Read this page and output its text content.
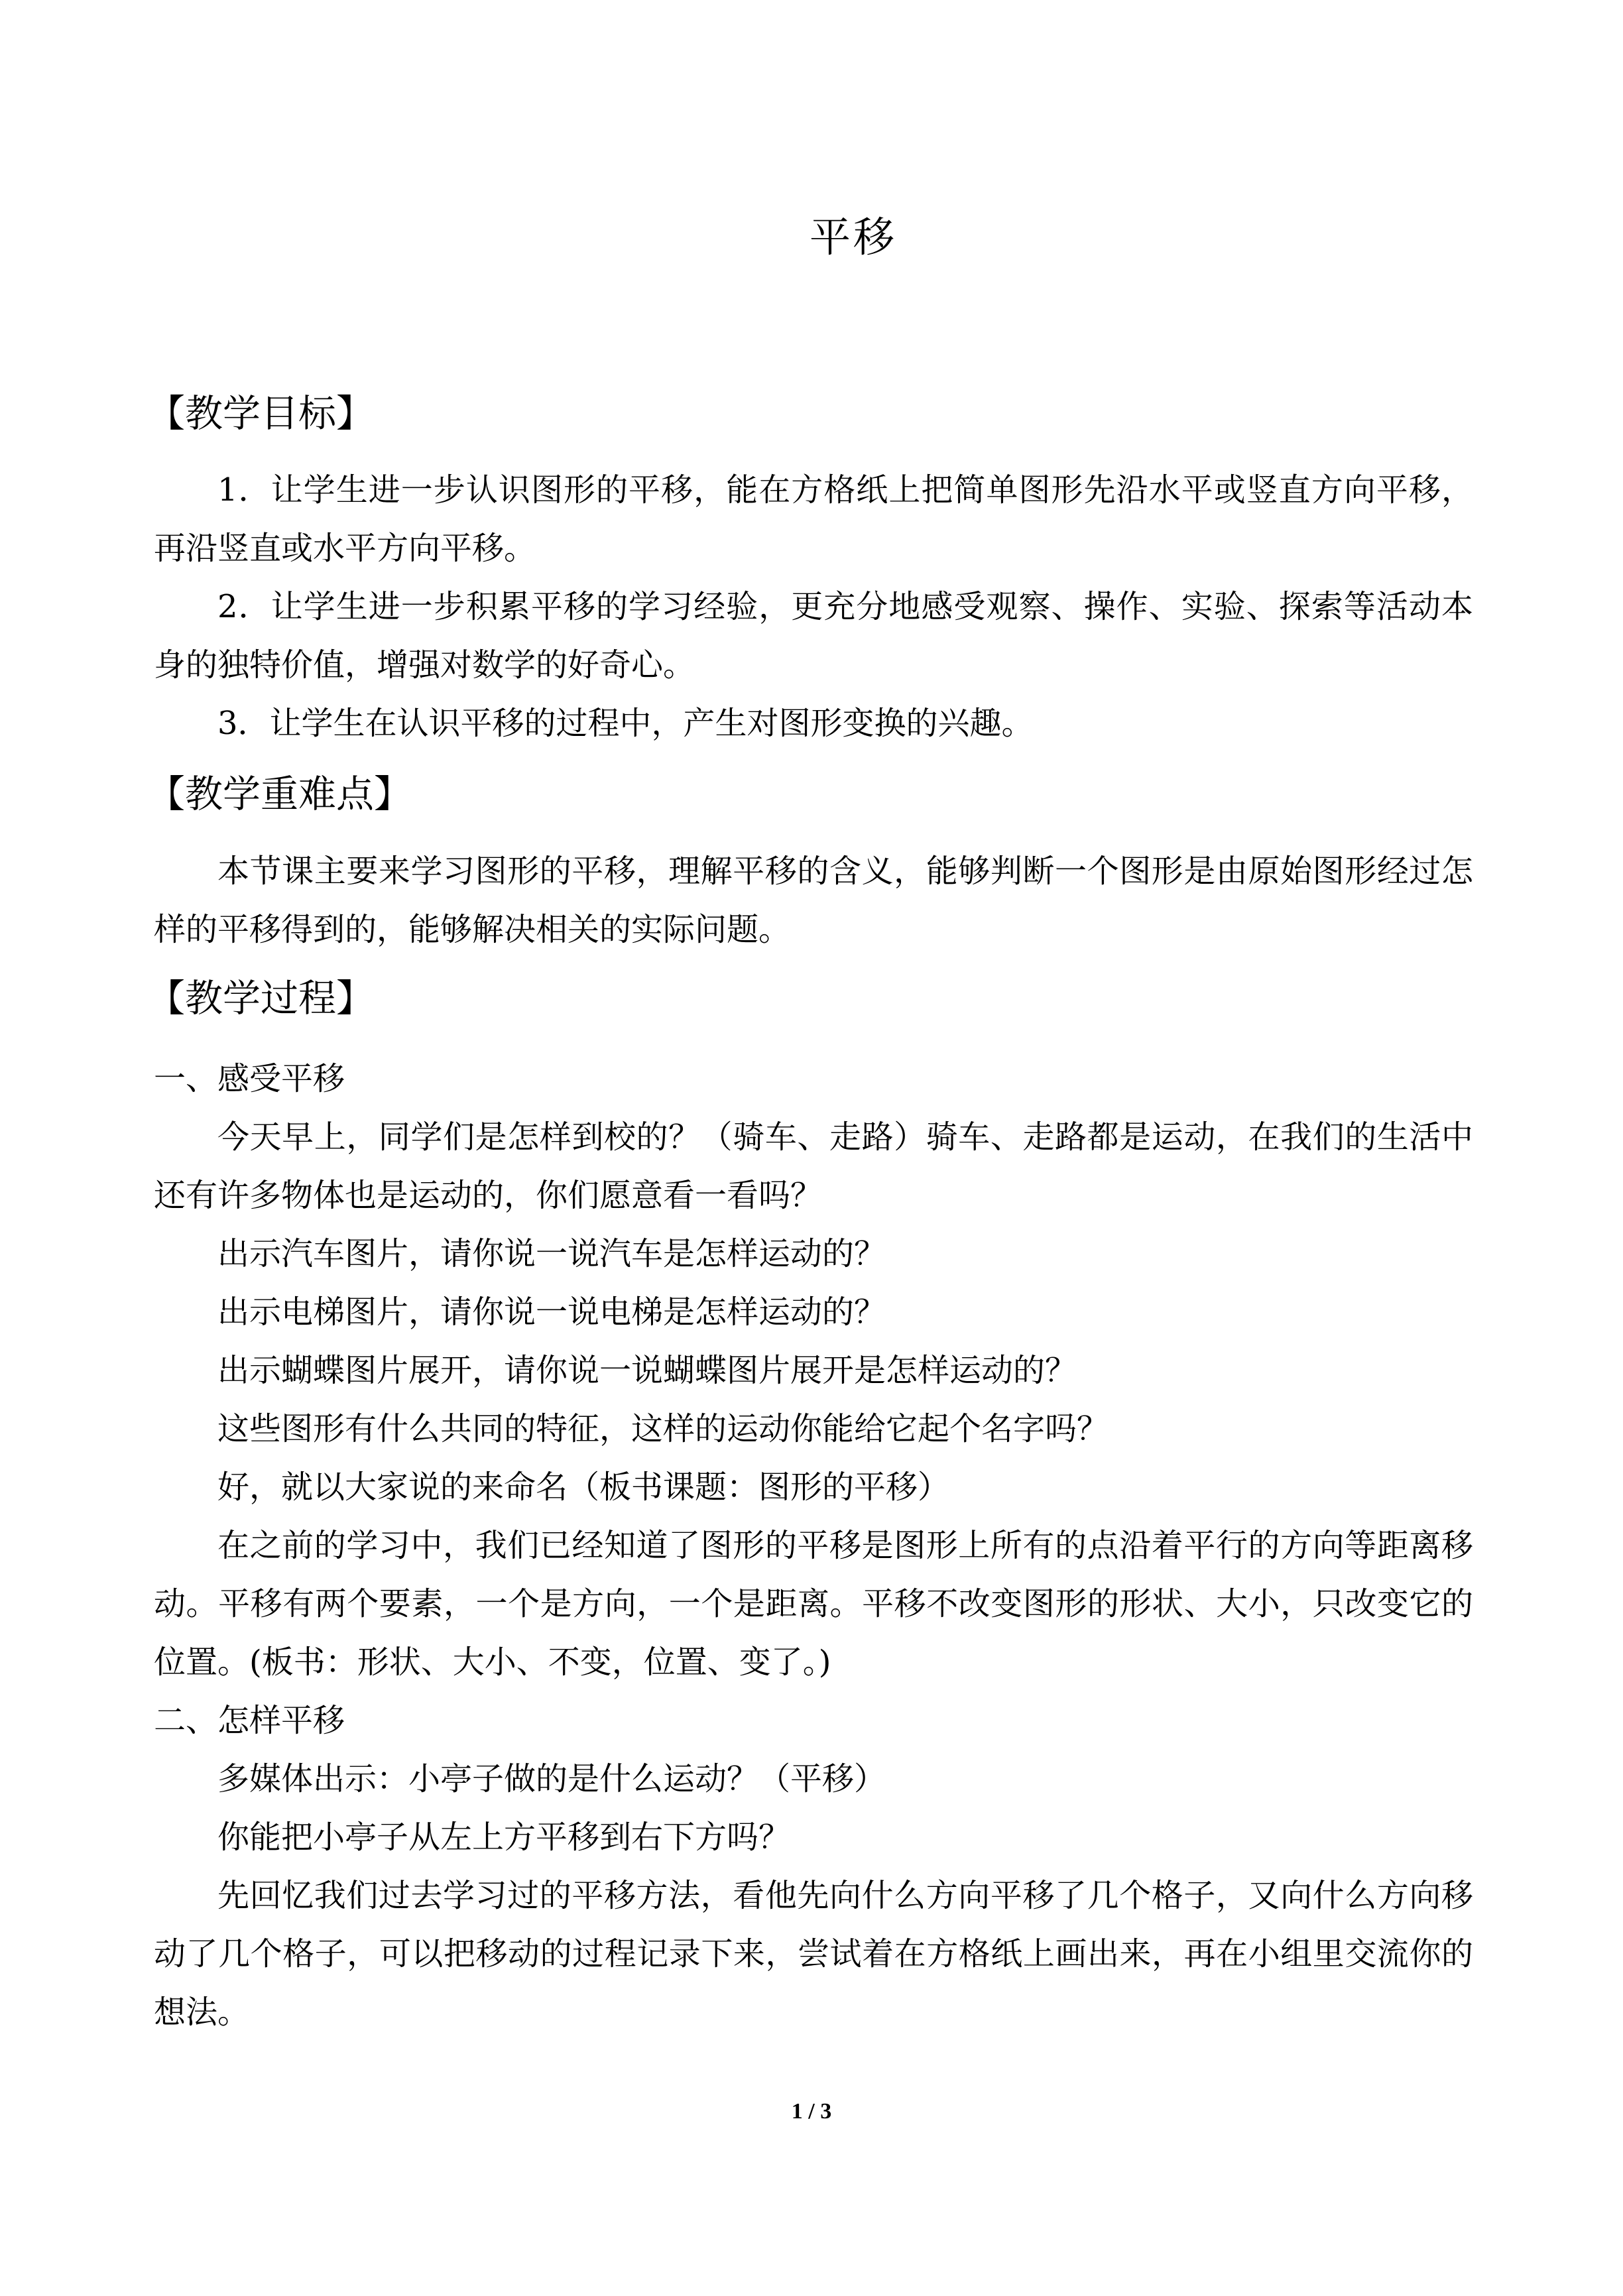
平移
【教学目标】

1．让学生进一步认识图形的平移，能在方格纸上把简单图形先沿水平或竖直方向平移，再沿竖直或水平方向平移。

2．让学生进一步积累平移的学习经验，更充分地感受观察、操作、实验、探索等活动本身的独特价值，增强对数学的好奇心。

3．让学生在认识平移的过程中，产生对图形变换的兴趣。

【教学重难点】

本节课主要来学习图形的平移，理解平移的含义，能够判断一个图形是由原始图形经过怎样的平移得到的，能够解决相关的实际问题。

【教学过程】
一、感受平移

今天早上，同学们是怎样到校的？（骑车、走路）骑车、走路都是运动，在我们的生活中还有许多物体也是运动的，你们愿意看一看吗？

出示汽车图片，请你说一说汽车是怎样运动的？

出示电梯图片，请你说一说电梯是怎样运动的？

出示蝴蝶图片展开，请你说一说蝴蝶图片展开是怎样运动的？

这些图形有什么共同的特征，这样的运动你能给它起个名字吗？

好，就以大家说的来命名（板书课题：图形的平移）

在之前的学习中，我们已经知道了图形的平移是图形上所有的点沿着平行的方向等距离移动。平移有两个要素，一个是方向，一个是距离。平移不改变图形的形状、大小，只改变它的位置。(板书：形状、大小、不变，位置、变了。)

二、怎样平移

多媒体出示：小亭子做的是什么运动？（平移）

你能把小亭子从左上方平移到右下方吗？

先回忆我们过去学习过的平移方法，看他先向什么方向平移了几个格子，又向什么方向移动了几个格子，可以把移动的过程记录下来，尝试着在方格纸上画出来，再在小组里交流你的想法。

1 / 3
